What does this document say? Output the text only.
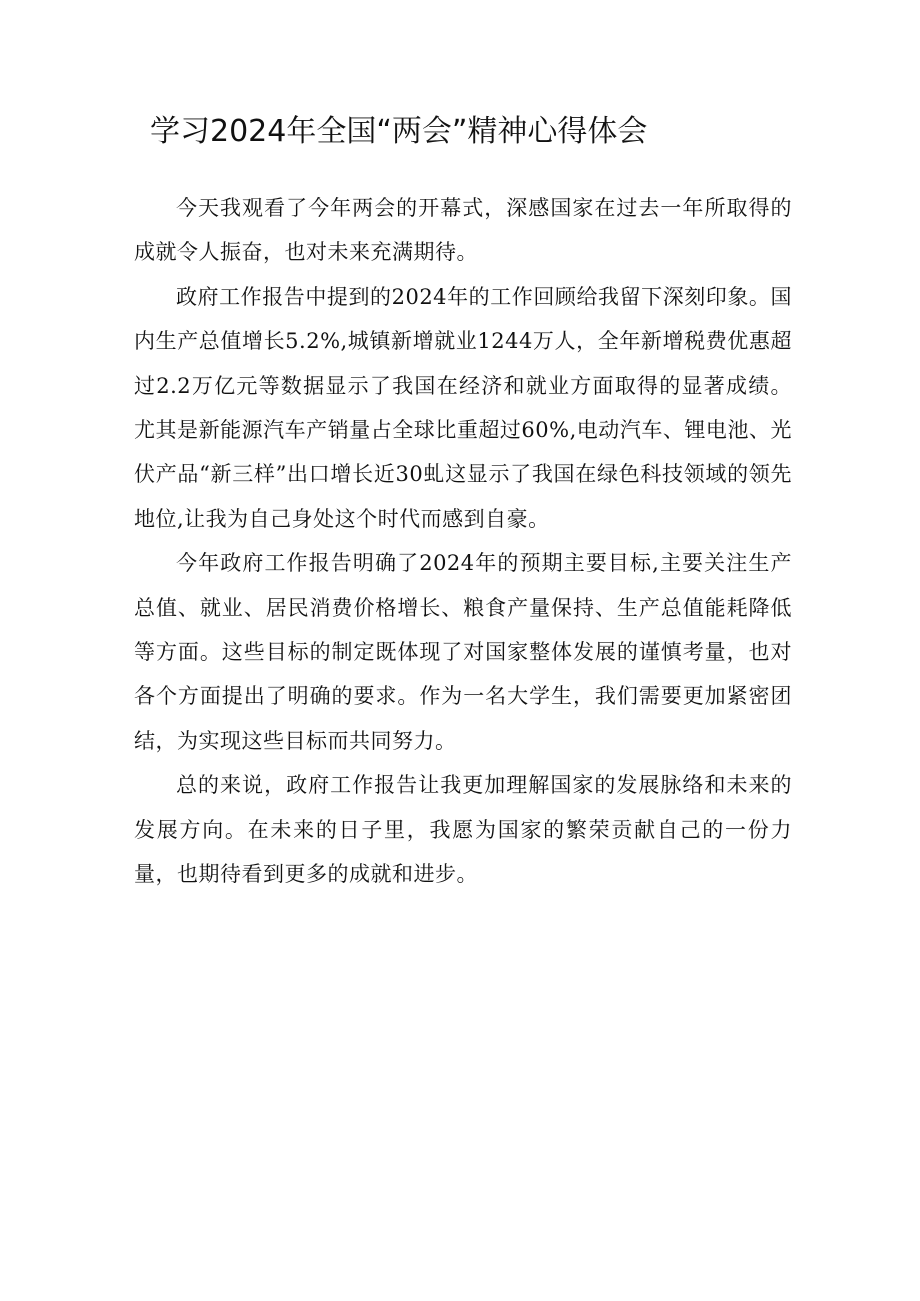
学习2024年全国“两会”精神心得体会

今天我观看了今年两会的开幕式，深感国家在过去一年所取得的成就令人振奋，也对未来充满期待。

政府工作报告中提到的2024年的工作回顾给我留下深刻印象。国内生产总值增长5.2%,城镇新增就业1244万人，全年新增税费优惠超过2.2万亿元等数据显示了我国在经济和就业方面取得的显著成绩。尤其是新能源汽车产销量占全球比重超过60%,电动汽车、锂电池、光伏产品“新三样”出口增长近30虬这显示了我国在绿色科技领域的领先地位,让我为自己身处这个时代而感到自豪。

今年政府工作报告明确了2024年的预期主要目标,主要关注生产总值、就业、居民消费价格增长、粮食产量保持、生产总值能耗降低等方面。这些目标的制定既体现了对国家整体发展的谨慎考量，也对各个方面提出了明确的要求。作为一名大学生，我们需要更加紧密团结，为实现这些目标而共同努力。

总的来说，政府工作报告让我更加理解国家的发展脉络和未来的发展方向。在未来的日子里，我愿为国家的繁荣贡献自己的一份力量，也期待看到更多的成就和进步。
